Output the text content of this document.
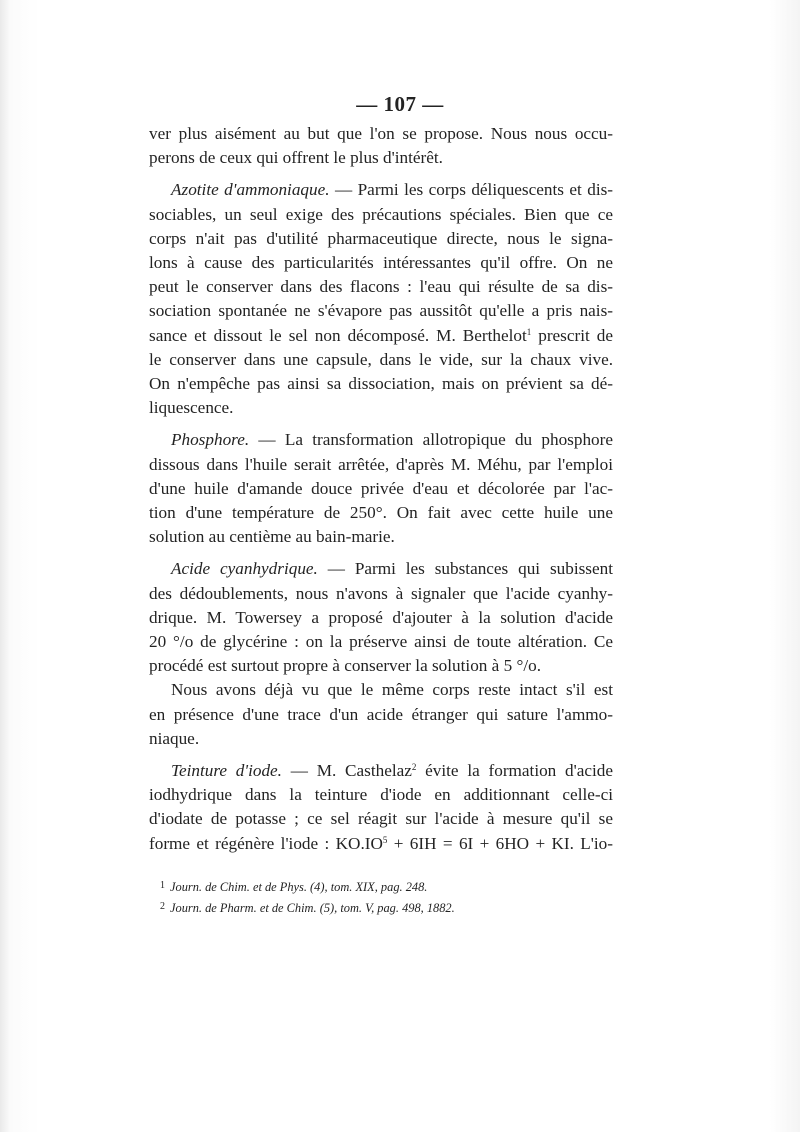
— 107 —
ver plus aisément au but que l'on se propose. Nous nous occu-
perons de ceux qui offrent le plus d'intérêt.
Azotite d'ammoniaque. — Parmi les corps déliquescents et dis-
sociables, un seul exige des précautions spéciales. Bien que ce
corps n'ait pas d'utilité pharmaceutique directe, nous le signa-
lons à cause des particularités intéressantes qu'il offre. On ne
peut le conserver dans des flacons : l'eau qui résulte de sa dis-
sociation spontanée ne s'évapore pas aussitôt qu'elle a pris nais-
sance et dissout le sel non décomposé. M. Berthelot$^1$ prescrit de
le conserver dans une capsule, dans le vide, sur la chaux vive.
On n'empêche pas ainsi sa dissociation, mais on prévient sa dé-
liquescence.
Phosphore. — La transformation allotropique du phosphore
dissous dans l'huile serait arrêtée, d'après M. Méhu, par l'emploi
d'une huile d'amande douce privée d'eau et décolorée par l'ac-
tion d'une température de 250°. On fait avec cette huile une
solution au centième au bain-marie.
Acide cyanhydrique. — Parmi les substances qui subissent
des dédoublements, nous n'avons à signaler que l'acide cyanhy-
drique. M. Towersey a proposé d'ajouter à la solution d'acide
20 °/o de glycérine : on la préserve ainsi de toute altération. Ce
procédé est surtout propre à conserver la solution à 5 °/o.
Nous avons déjà vu que le même corps reste intact s'il est
en présence d'une trace d'un acide étranger qui sature l'ammo-
niaque.
Teinture d'iode. — M. Casthelaz$^2$ évite la formation d'acide
iodhydrique dans la teinture d'iode en additionnant celle-ci
d'iodate de potasse ; ce sel réagit sur l'acide à mesure qu'il se
forme et régénère l'iode : $KO.IO^5 + 6IH = 6I + 6HO$ + KI. L'io-
1 Journ. de Chim. et de Phys. (4), tom. XIX, pag. 248.
2 Journ. de Pharm. et de Chim. (5), tom. V, pag. 498, 1882.
